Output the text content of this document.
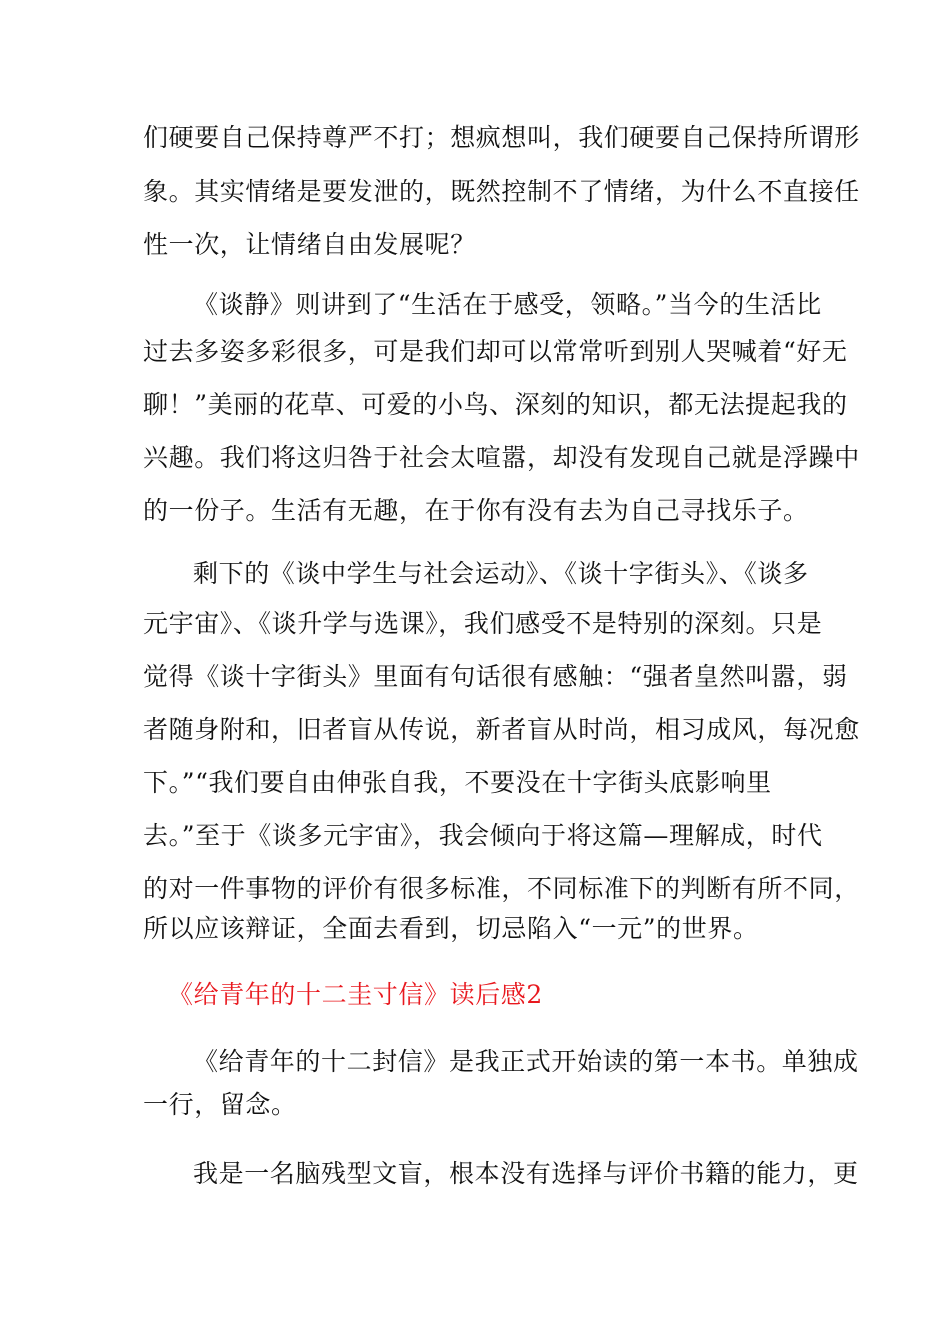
们硬要自己保持尊严不打；想疯想叫，我们硬要自己保持所谓形
象。其实情绪是要发泄的，既然控制不了情绪，为什么不直接任
性一次，让情绪自由发展呢？
《谈静》则讲到了“生活在于感受，领略。”当今的生活比
过去多姿多彩很多，可是我们却可以常常听到别人哭喊着“好无
聊！”美丽的花草、可爱的小鸟、深刻的知识，都无法提起我的
兴趣。我们将这归咎于社会太喧嚣，却没有发现自己就是浮躁中
的一份子。生活有无趣，在于你有没有去为自己寻找乐子。
剩下的《谈中学生与社会运动》、《谈十字街头》、《谈多
元宇宙》、《谈升学与选课》，我们感受不是特别的深刻。只是
觉得《谈十字街头》里面有句话很有感触：“强者皇然叫嚣，弱
者随身附和，旧者盲从传说，新者盲从时尚，相习成风，每况愈
下。”“我们要自由伸张自我，不要没在十字街头底影响里
去。”至于《谈多元宇宙》，我会倾向于将这篇—理解成，时代
的对一件事物的评价有很多标准，不同标准下的判断有所不同，
所以应该辩证，全面去看到，切忌陷入“一元”的世界。
《给青年的十二圭寸信》读后感2
《给青年的十二封信》是我正式开始读的第一本书。单独成
一行，留念。
我是一名脑残型文盲，根本没有选择与评价书籍的能力，更
